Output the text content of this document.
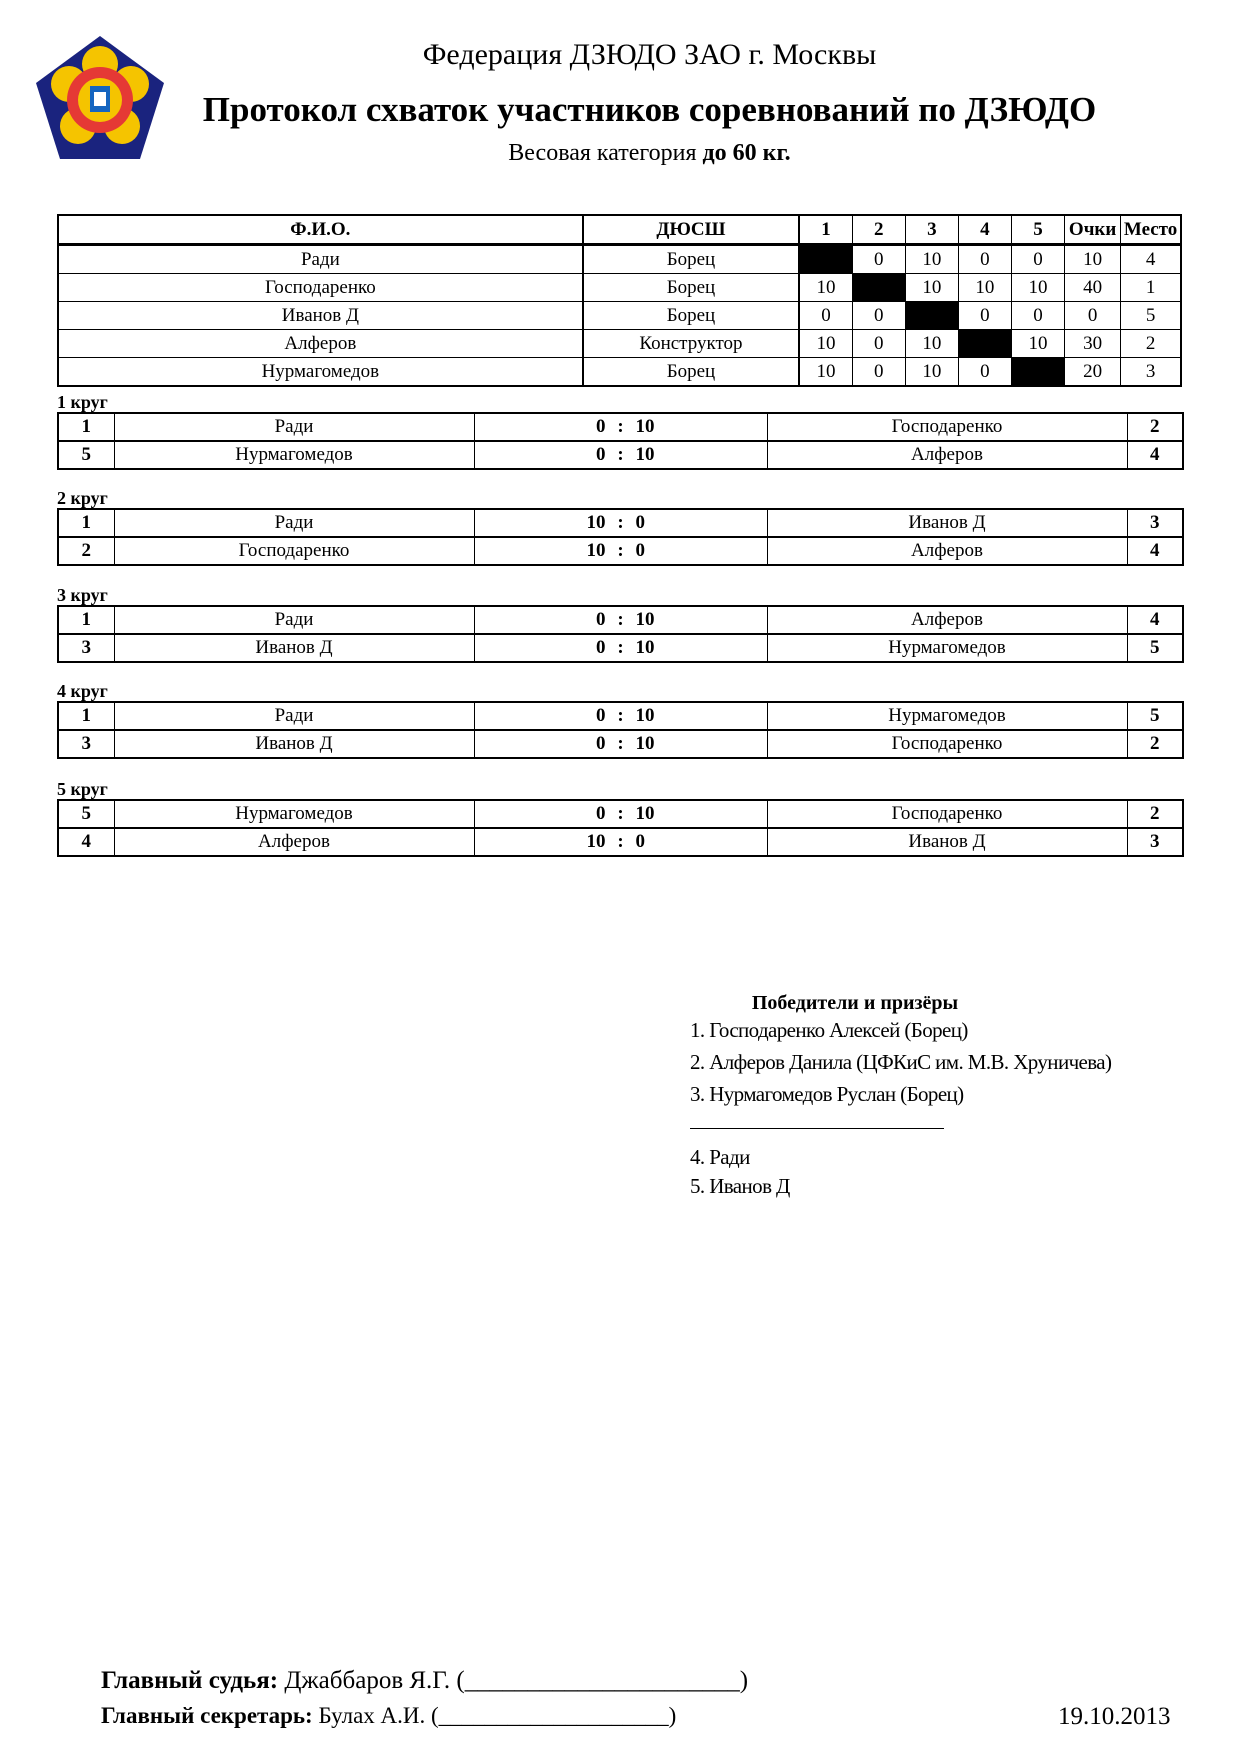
Федерация ДЗЮДО ЗАО г. Москвы
Протокол схваток участников соревнований по ДЗЮДО
Весовая категория до 60 кг.
Ф.И.О.	ДЮСШ	1	2	3	4	5	Очки	Место
Ради	Борец		0	10	0	0	10	4
Господаренко	Борец	10		10	10	10	40	1
Иванов Д	Борец	0	0		0	0	0	5
Алферов	Конструктор	10	0	10		10	30	2
Нурмагомедов	Борец	10	0	10	0		20	3
1 круг
1	Ради	0 : 10	Господаренко	2
5	Нурмагомедов	0 : 10	Алферов	4
2 круг
1	Ради	10 : 0	Иванов Д	3
2	Господаренко	10 : 0	Алферов	4
3 круг
1	Ради	0 : 10	Алферов	4
3	Иванов Д	0 : 10	Нурмагомедов	5
4 круг
1	Ради	0 : 10	Нурмагомедов	5
3	Иванов Д	0 : 10	Господаренко	2
5 круг
5	Нурмагомедов	0 : 10	Господаренко	2
4	Алферов	10 : 0	Иванов Д	3
Победители и призёры
1. Господаренко Алексей (Борец)
2. Алферов Данила (ЦФКиС им. М.В. Хруничева)
3. Нурмагомедов Руслан (Борец)
4. Ради
5. Иванов Д
Главный судья: Джаббаров Я.Г. (______________________)
Главный секретарь: Булах А.И. (____________________)	19.10.2013
